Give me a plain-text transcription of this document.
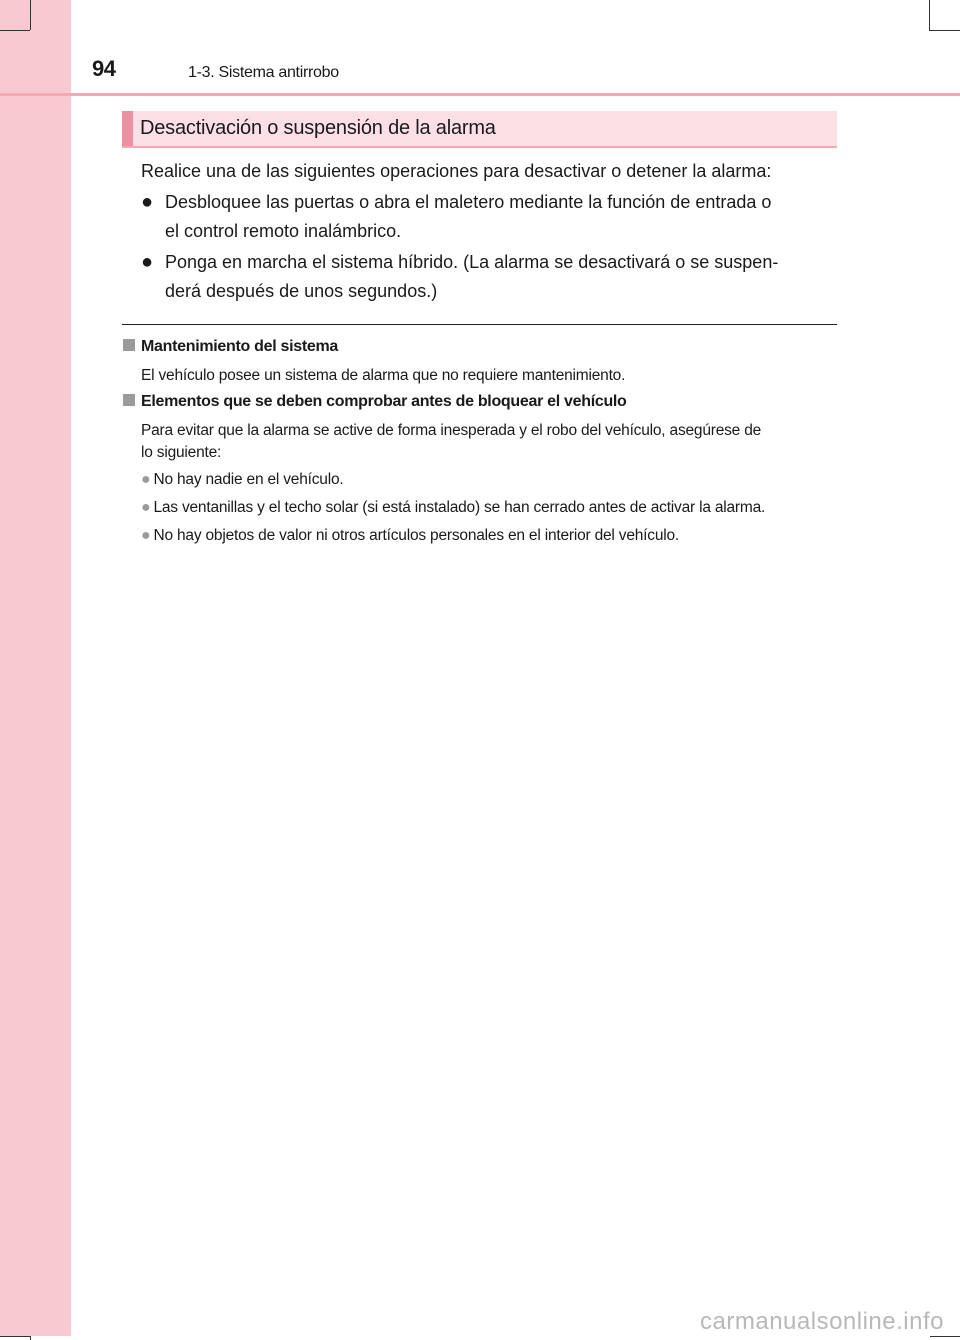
94	1-3. Sistema antirrobo
Desactivación o suspensión de la alarma
Realice una de las siguientes operaciones para desactivar o detener la alarma:
● Desbloquee las puertas o abra el maletero mediante la función de entrada o
el control remoto inalámbrico.
● Ponga en marcha el sistema híbrido. (La alarma se desactivará o se suspen-
derá después de unos segundos.)
Mantenimiento del sistema
El vehículo posee un sistema de alarma que no requiere mantenimiento.
Elementos que se deben comprobar antes de bloquear el vehículo
Para evitar que la alarma se active de forma inesperada y el robo del vehículo, asegúrese de
lo siguiente:
● No hay nadie en el vehículo.
● Las ventanillas y el techo solar (si está instalado) se han cerrado antes de activar la alarma.
● No hay objetos de valor ni otros artículos personales en el interior del vehículo.
carmanualsonline.info
